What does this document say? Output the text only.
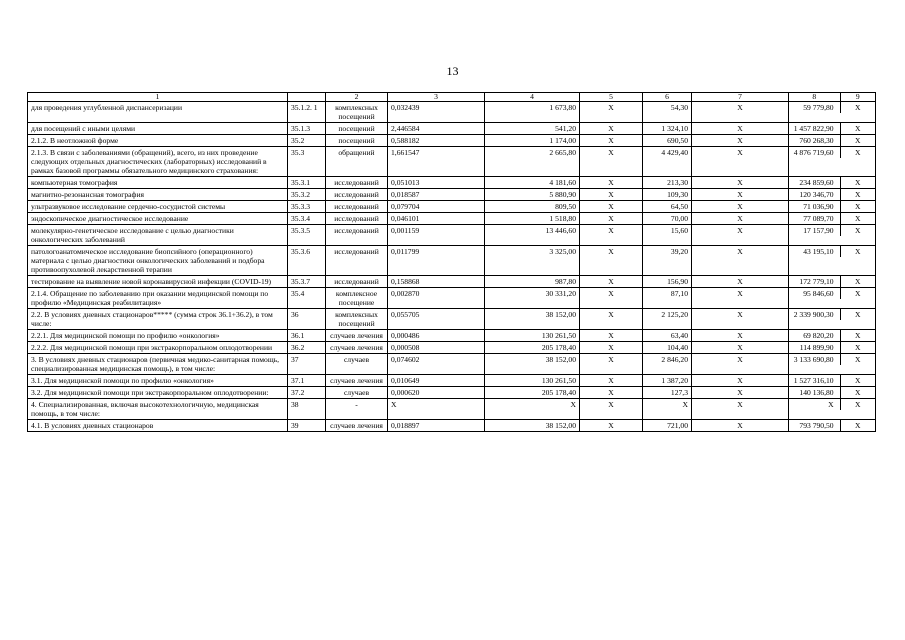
13
1		2	3	4	5	6	7	8 9

для проведения углубленной диспансеризации	35.1.2. 1	комплексных посещений	0,032439	1 673,80	X	54,30	X	59 779,80 X

для посещений с иными целями	35.1.3	посещений	2,446584	541,20	X	1 324,10	X	1 457 822,90 X

2.1.2. В неотложной форме	35.2	посещений	0,588182	1 174,00	X	690,50	X	760 268,30 X

2.1.3. В связи с заболеваниями (обращений), всего, из них проведение следующих отдельных диагностических (лабораторных) исследований в рамках базовой программы обязательного медицинского страхования:	35.3	обращений	1,661547	2 665,80	X	4 429,40	X	4 876 719,60 X

компьютерная томография	35.3.1	исследований	0,051013	4 181,60	X	213,30	X	234 859,60 X

магнитно-резонансная томография	35.3.2	исследований	0,018587	5 880,90	X	109,30	X	120 346,70 X

ультразвуковое исследование сердечно-сосудистой системы	35.3.3	исследований	0,079704	809,50	X	64,50	X	71 036,90 X

эндоскопическое диагностическое исследование	35.3.4	исследований	0,046101	1 518,80	X	70,00	X	77 089,70 X

молекулярно-генетическое исследование с целью диагностики онкологических заболеваний	35.3.5	исследований	0,001159	13 446,60	X	15,60	X	17 157,90 X

патологоанатомическое исследование биопсийного (операционного) материала с целью диагностики онкологических заболеваний и подбора противоопухолевой лекарственной терапии	35.3.6	исследований	0,011799	3 325,00	X	39,20	X	43 195,10 X

тестирование на выявление новой коронавирусной инфекции (COVID-19)	35.3.7	исследований	0,158868	987,80	X	156,90	X	172 779,10 X

2.1.4. Обращение по заболеванию при оказании медицинской помощи по профилю «Медицинская реабилитация»	35.4	комплексное посещение	0,002870	30 331,20	X	87,10	X	95 846,60 X

2.2. В условиях дневных стационаров***** (сумма строк 36.1+36.2), в том числе:	36	комплексных посещений	0,055705	38 152,00	X	2 125,20	X	2 339 900,30 X

2.2.1. Для медицинской помощи по профилю «онкология»	36.1	случаев лечения	0,000486	130 261,50	X	63,40	X	69 820,20 X

2.2.2. Для медицинской помощи при экстракорпоральном оплодотворении	36.2	случаев лечения	0,000508	205 178,40	X	104,40	X	114 899,90 X

3. В условиях дневных стационаров (первичная медико-санитарная помощь, специализированная медицинская помощь), в том числе:	37	случаев	0,074602	38 152,00	X	2 846,20	X	3 133 690,80 X

3.1. Для медицинской помощи по профилю «онкология»	37.1	случаев лечения	0,010649	130 261,50	X	1 387,20	X	1 527 316,10 X

3.2. Для медицинской помощи при экстракорпоральном оплодотворении:	37.2	случаев	0,000620	205 178,40	X	127,3	X	140 136,80 X

4. Специализированная, включая высокотехнологичную, медицинская помощь, в том числе:	38	-	X	X	X	X	X	X X

4.1. В условиях дневных стационаров	39	случаев лечения	0,018897	38 152,00	X	721,00	X	793 790,50 X
